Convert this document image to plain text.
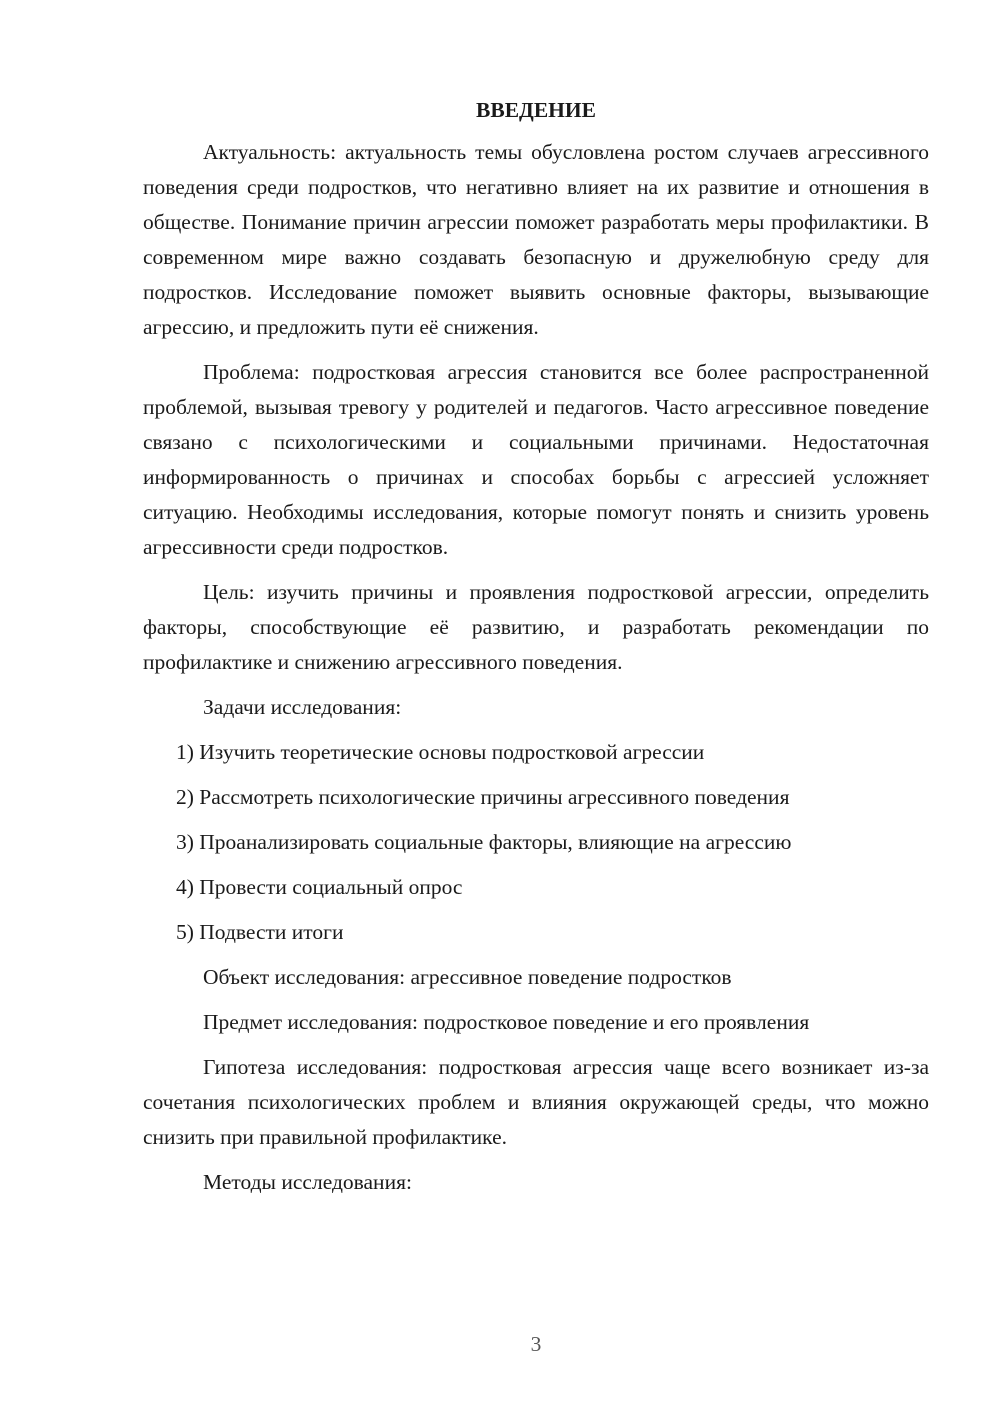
ВВЕДЕНИЕ

Актуальность: актуальность темы обусловлена ростом случаев агрессивного поведения среди подростков, что негативно влияет на их развитие и отношения в обществе. Понимание причин агрессии поможет разработать меры профилактики. В современном мире важно создавать безопасную и дружелюбную среду для подростков. Исследование поможет выявить основные факторы, вызывающие агрессию, и предложить пути её снижения.

Проблема: подростковая агрессия становится все более распространенной проблемой, вызывая тревогу у родителей и педагогов. Часто агрессивное поведение связано с психологическими и социальными причинами. Недостаточная информированность о причинах и способах борьбы с агрессией усложняет ситуацию. Необходимы исследования, которые помогут понять и снизить уровень агрессивности среди подростков.

Цель: изучить причины и проявления подростковой агрессии, определить факторы, способствующие её развитию, и разработать рекомендации по профилактике и снижению агрессивного поведения.

Задачи исследования:

1) Изучить теоретические основы подростковой агрессии
2) Рассмотреть психологические причины агрессивного поведения
3) Проанализировать социальные факторы, влияющие на агрессию
4) Провести социальный опрос
5) Подвести итоги

Объект исследования: агрессивное поведение подростков

Предмет исследования: подростковое поведение и его проявления

Гипотеза исследования: подростковая агрессия чаще всего возникает из-за сочетания психологических проблем и влияния окружающей среды, что можно снизить при правильной профилактике.

Методы исследования:

3
